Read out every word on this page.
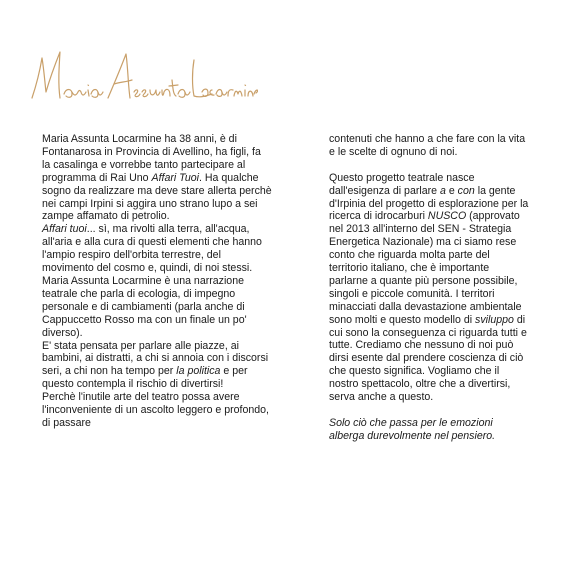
Maria Assunta Locarmine ha 38 anni, è di Fontanarosa in Provincia di Avellino, ha figli, fa la casalinga e vorrebbe tanto partecipare al programma di Rai Uno Affari Tuoi. Ha qualche sogno da realizzare ma deve stare allerta perchè nei campi Irpini si aggira uno strano lupo a sei zampe affamato di petrolio.

Affari tuoi... sì, ma rivolti alla terra, all'acqua, all'aria e alla cura di questi elementi che hanno l'ampio respiro dell'orbita terrestre, del movimento del cosmo e, quindi, di noi stessi.

Maria Assunta Locarmine è una narrazione teatrale che parla di ecologia, di impegno personale e di cambiamenti (parla anche di Cappuccetto Rosso ma con un finale un po' diverso).

E' stata pensata per parlare alle piazze, ai bambini, ai distratti, a chi si annoia con i discorsi seri, a chi non ha tempo per la politica e per questo contempla il rischio di divertirsi!

Perchè l'inutile arte del teatro possa avere l'inconveniente di un ascolto leggero e profondo, di passare

contenuti che hanno a che fare con la vita e le scelte di ognuno di noi.

Questo progetto teatrale nasce dall'esigenza di parlare a e con la gente d'Irpinia del progetto di esplorazione per la ricerca di idrocarburi NUSCO (approvato nel 2013 all'interno del SEN - Strategia Energetica Nazionale) ma ci siamo rese conto che riguarda molta parte del territorio italiano, che è importante parlarne a quante più persone possibile, singoli e piccole comunità. I territori minacciati dalla devastazione ambientale sono molti e questo modello di sviluppo di cui sono la conseguenza ci riguarda tutti e tutte. Crediamo che nessuno di noi può dirsi esente dal prendere coscienza di ciò che questo significa. Vogliamo che il nostro spettacolo, oltre che a divertirsi, serva anche a questo.

Solo ciò che passa per le emozioni alberga durevolmente nel pensiero.
